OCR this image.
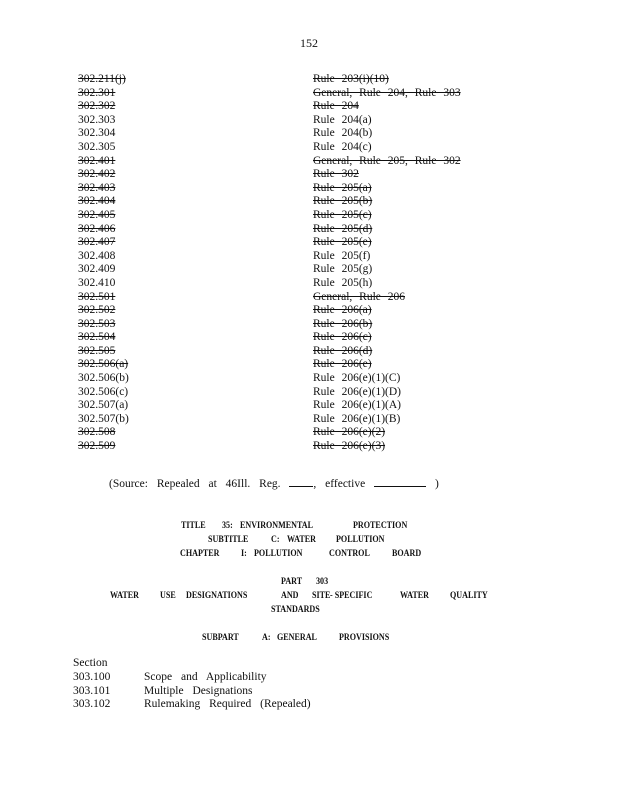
152
302.211(j)	Rule 203(i)(10)
302.301	General, Rule 204, Rule 303
302.302	Rule 204
302.303	Rule 204(a)
302.304	Rule 204(b)
302.305	Rule 204(c)
302.401	General, Rule 205, Rule 302
302.402	Rule 302
302.403	Rule 205(a)
302.404	Rule 205(b)
302.405	Rule 205(c)
302.406	Rule 205(d)
302.407	Rule 205(e)
302.408	Rule 205(f)
302.409	Rule 205(g)
302.410	Rule 205(h)
302.501	General, Rule 206
302.502	Rule 206(a)
302.503	Rule 206(b)
302.504	Rule 206(c)
302.505	Rule 206(d)
302.506(a)	Rule 206(e)
302.506(b)	Rule 206(e)(1)(C)
302.506(c)	Rule 206(e)(1)(D)
302.507(a)	Rule 206(e)(1)(A)
302.507(b)	Rule 206(e)(1)(B)
302.508	Rule 206(e)(2)
302.509	Rule 206(e)(3)
(Source: Repealed at 46Ill. Reg.	, effective	)
TITLE 35: ENVIRONMENTAL	PROTECTION
SUBTITLE C: WATER POLLUTION
CHAPTER I: POLLUTION	CONTROL BOARD
PART 303
WATER USE DESIGNATIONS	AND SITE - SPECIFIC	WATER QUALITY
STANDARDS
SUBPART A: GENERAL PROVISIONS
Section
303.100	Scope and Applicability
303.101	Multiple Designations
303.102	Rulemaking Required (Repealed)
